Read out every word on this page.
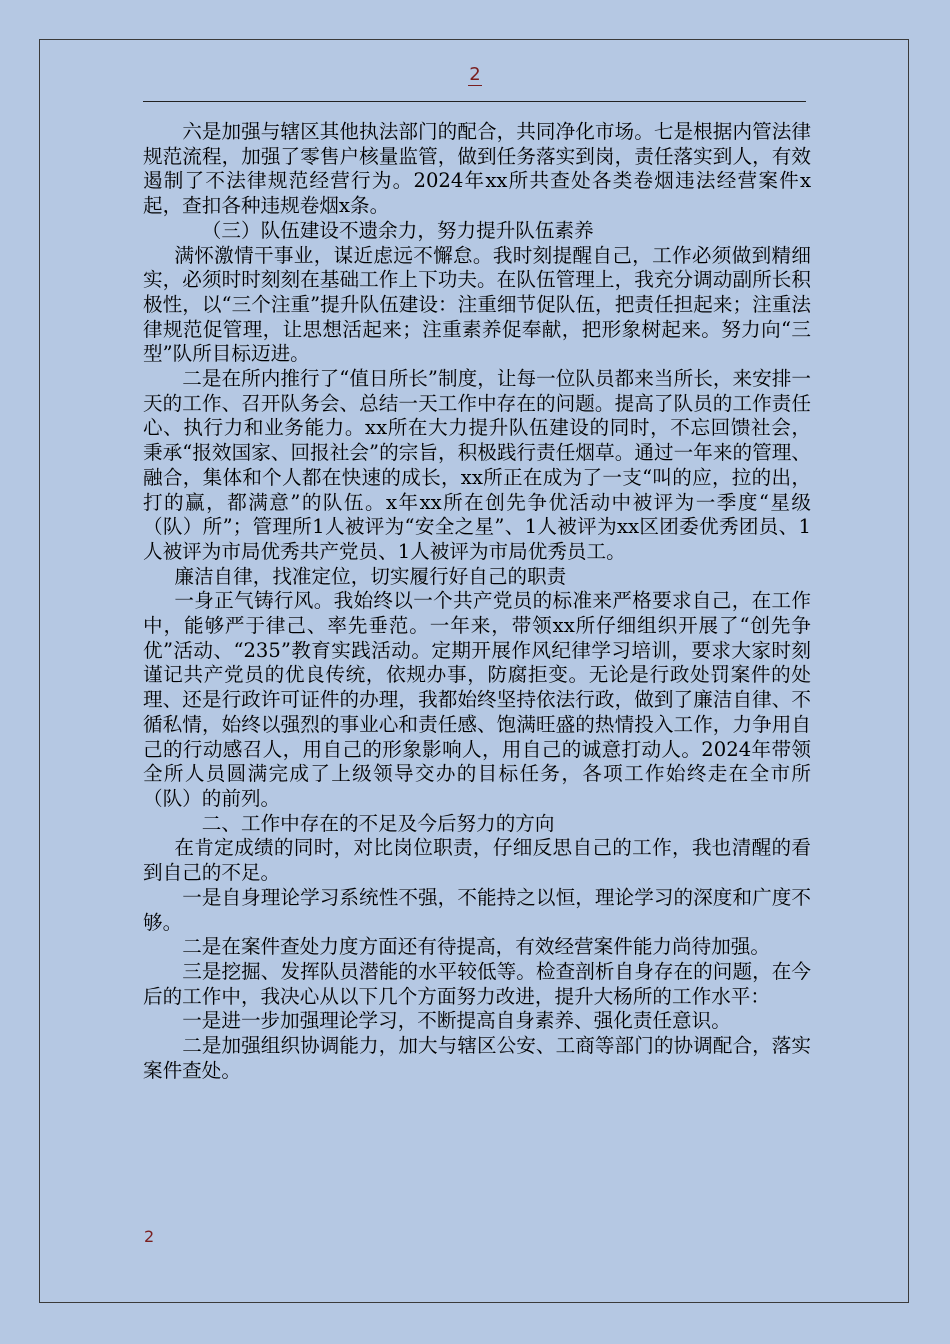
2

六是加强与辖区其他执法部门的配合，共同净化市场。七是根据内管法律规范流程，加强了零售户核量监管，做到任务落实到岗，责任落实到人，有效遏制了不法律规范经营行为。2024年xx所共查处各类卷烟违法经营案件x起，查扣各种违规卷烟x条。

（三）队伍建设不遗余力，努力提升队伍素养

满怀激情干事业，谋近虑远不懈怠。我时刻提醒自己，工作必须做到精细实，必须时时刻刻在基础工作上下功夫。在队伍管理上，我充分调动副所长积极性，以“三个注重”提升队伍建设：注重细节促队伍，把责任担起来；注重法律规范促管理，让思想活起来；注重素养促奉献，把形象树起来。努力向“三型”队所目标迈进。

二是在所内推行了“值日所长”制度，让每一位队员都来当所长，来安排一天的工作、召开队务会、总结一天工作中存在的问题。提高了队员的工作责任心、执行力和业务能力。xx所在大力提升队伍建设的同时，不忘回馈社会，秉承“报效国家、回报社会”的宗旨，积极践行责任烟草。通过一年来的管理、融合，集体和个人都在快速的成长，xx所正在成为了一支“叫的应，拉的出，打的赢，都满意”的队伍。x年xx所在创先争优活动中被评为一季度“星级（队）所”；管理所1人被评为“安全之星”、1人被评为xx区团委优秀团员、1人被评为市局优秀共产党员、1人被评为市局优秀员工。

廉洁自律，找准定位，切实履行好自己的职责

一身正气铸行风。我始终以一个共产党员的标准来严格要求自己，在工作中，能够严于律己、率先垂范。一年来，带领xx所仔细组织开展了“创先争优”活动、“235”教育实践活动。定期开展作风纪律学习培训，要求大家时刻谨记共产党员的优良传统，依规办事，防腐拒变。无论是行政处罚案件的处理、还是行政许可证件的办理，我都始终坚持依法行政，做到了廉洁自律、不循私情，始终以强烈的事业心和责任感、饱满旺盛的热情投入工作，力争用自己的行动感召人，用自己的形象影响人，用自己的诚意打动人。2024年带领全所人员圆满完成了上级领导交办的目标任务，各项工作始终走在全市所（队）的前列。

二、工作中存在的不足及今后努力的方向

在肯定成绩的同时，对比岗位职责，仔细反思自己的工作，我也清醒的看到自己的不足。

一是自身理论学习系统性不强，不能持之以恒，理论学习的深度和广度不够。

二是在案件查处力度方面还有待提高，有效经营案件能力尚待加强。

三是挖掘、发挥队员潜能的水平较低等。检查剖析自身存在的问题，在今后的工作中，我决心从以下几个方面努力改进，提升大杨所的工作水平：

一是进一步加强理论学习，不断提高自身素养、强化责任意识。

二是加强组织协调能力，加大与辖区公安、工商等部门的协调配合，落实案件查处。

2
